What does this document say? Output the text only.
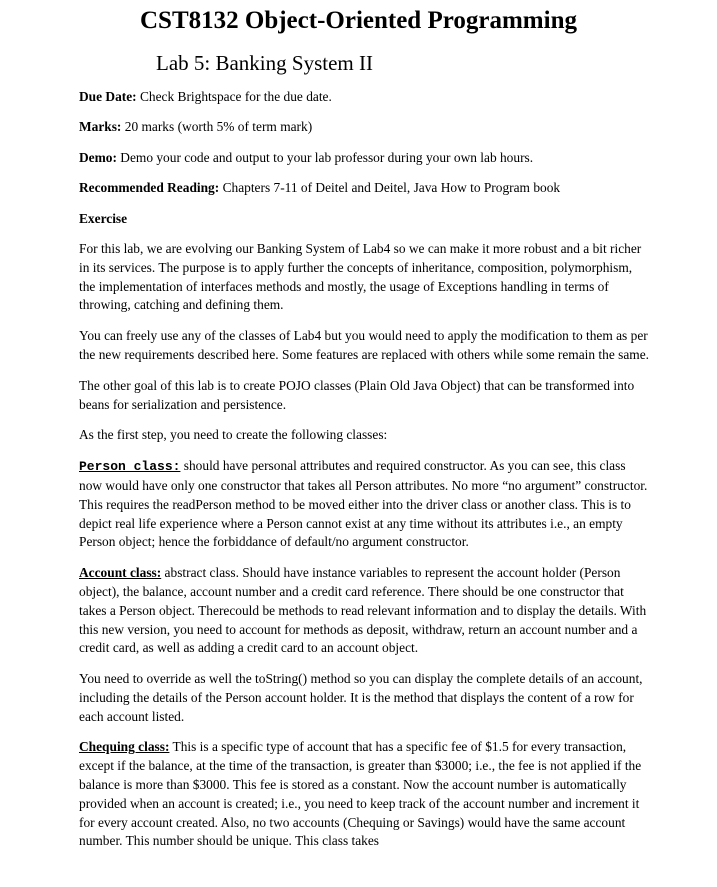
CST8132 Object-Oriented Programming
Lab 5: Banking System II

Due Date: Check Brightspace for the due date.

Marks: 20 marks (worth 5% of term mark)

Demo: Demo your code and output to your lab professor during your own lab hours.

Recommended Reading: Chapters 7-11 of Deitel and Deitel, Java How to Program book

Exercise

For this lab, we are evolving our Banking System of Lab4 so we can make it more robust and a bit richer in its services. The purpose is to apply further the concepts of inheritance, composition, polymorphism, the implementation of interfaces methods and mostly, the usage of Exceptions handling in terms of throwing, catching and defining them.

You can freely use any of the classes of Lab4 but you would need to apply the modification to them as per the new requirements described here. Some features are replaced with others while some remain the same.

The other goal of this lab is to create POJO classes (Plain Old Java Object) that can be transformed into beans for serialization and persistence.

As the first step, you need to create the following classes:

Person class: should have personal attributes and required constructor. As you can see, this class now would have only one constructor that takes all Person attributes. No more “no argument” constructor. This requires the readPerson method to be moved either into the driver class or another class. This is to depict real life experience where a Person cannot exist at any time without its attributes i.e., an empty Person object; hence the forbiddance of default/no argument constructor.

Account class: abstract class. Should have instance variables to represent the account holder (Person object), the balance, account number and a credit card reference. There should be one constructor that takes a Person object. Therecould be methods to read relevant information and to display the details. With this new version, you need to account for methods as deposit, withdraw, return an account number and a credit card, as well as adding a credit card to an account object.

You need to override as well the toString() method so you can display the complete details of an account, including the details of the Person account holder. It is the method that displays the content of a row for each account listed.

Chequing class: This is a specific type of account that has a specific fee of $1.5 for every transaction, except if the balance, at the time of the transaction, is greater than $3000; i.e., the fee is not applied if the balance is more than $3000. This fee is stored as a constant. Now the account number is automatically provided when an account is created; i.e., you need to keep track of the account number and increment it for every account created. Also, no two accounts (Chequing or Savings) would have the same account number. This number should be unique. This class takes
